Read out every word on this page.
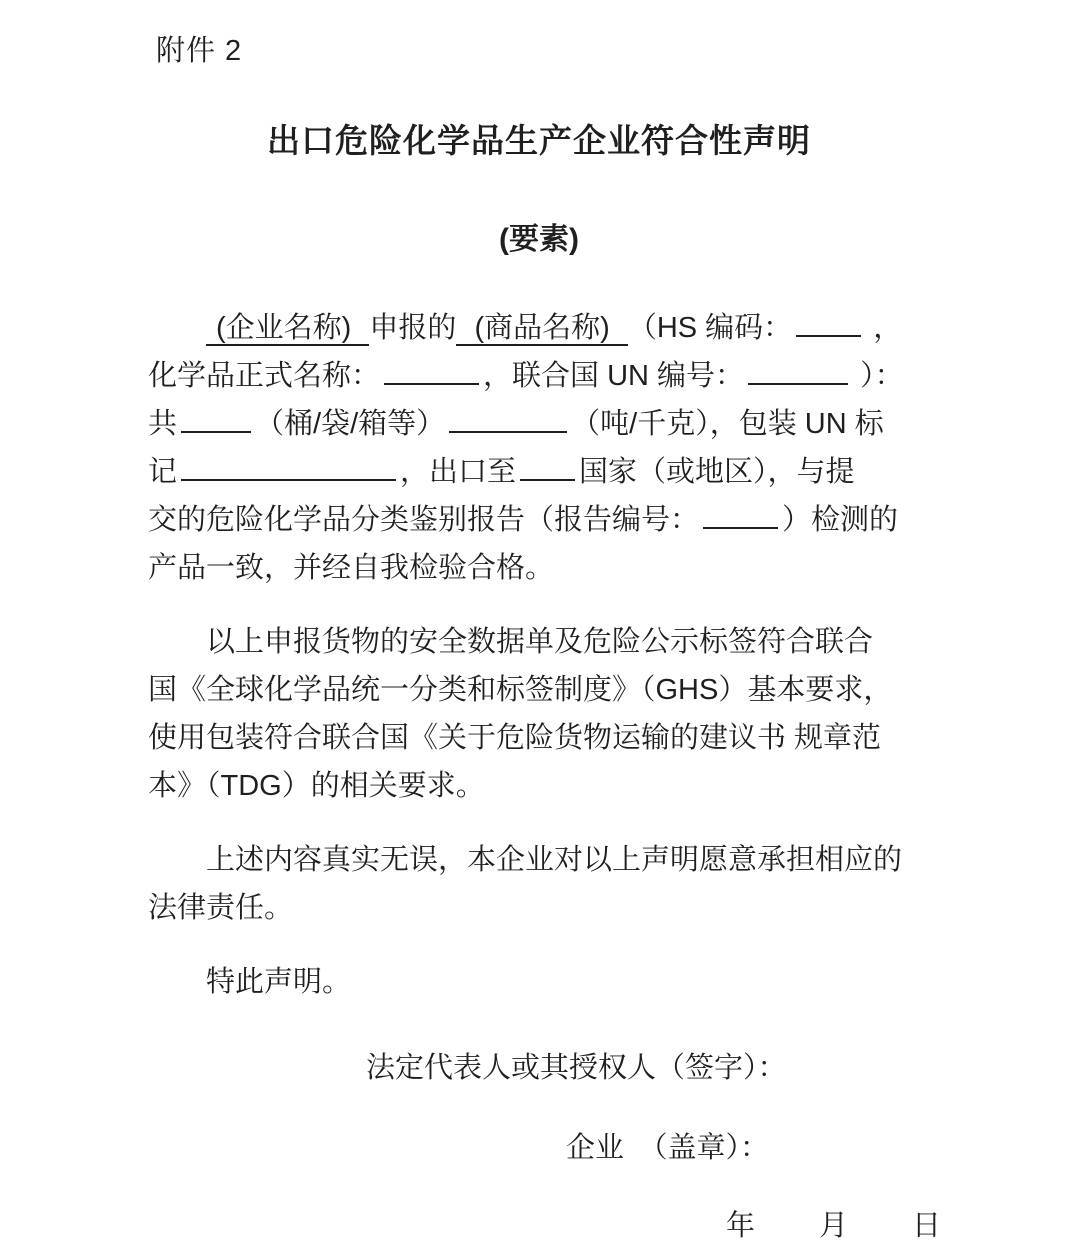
附件 2
出口危险化学品生产企业符合性声明
(要素)
(企业名称) 申报的 (商品名称) （HS 编码：	，
化学品正式名称：	，联合国 UN 编号：	）：
共	（桶/袋/箱等）	（吨/千克），包装 UN 标
记	，出口至 国家（或地区），与提
交的危险化学品分类鉴别报告（报告编号：	）检测的
产品一致，并经自我检验合格。
以上申报货物的安全数据单及危险公示标签符合联合
国《全球化学品统一分类和标签制度》（GHS）基本要求，
使用包装符合联合国《关于危险货物运输的建议书 规章范
本》（TDG）的相关要求。
上述内容真实无误，本企业对以上声明愿意承担相应的
法律责任。
特此声明。
法定代表人或其授权人（签字）：
企业　（盖章）：
年　　月　　日
